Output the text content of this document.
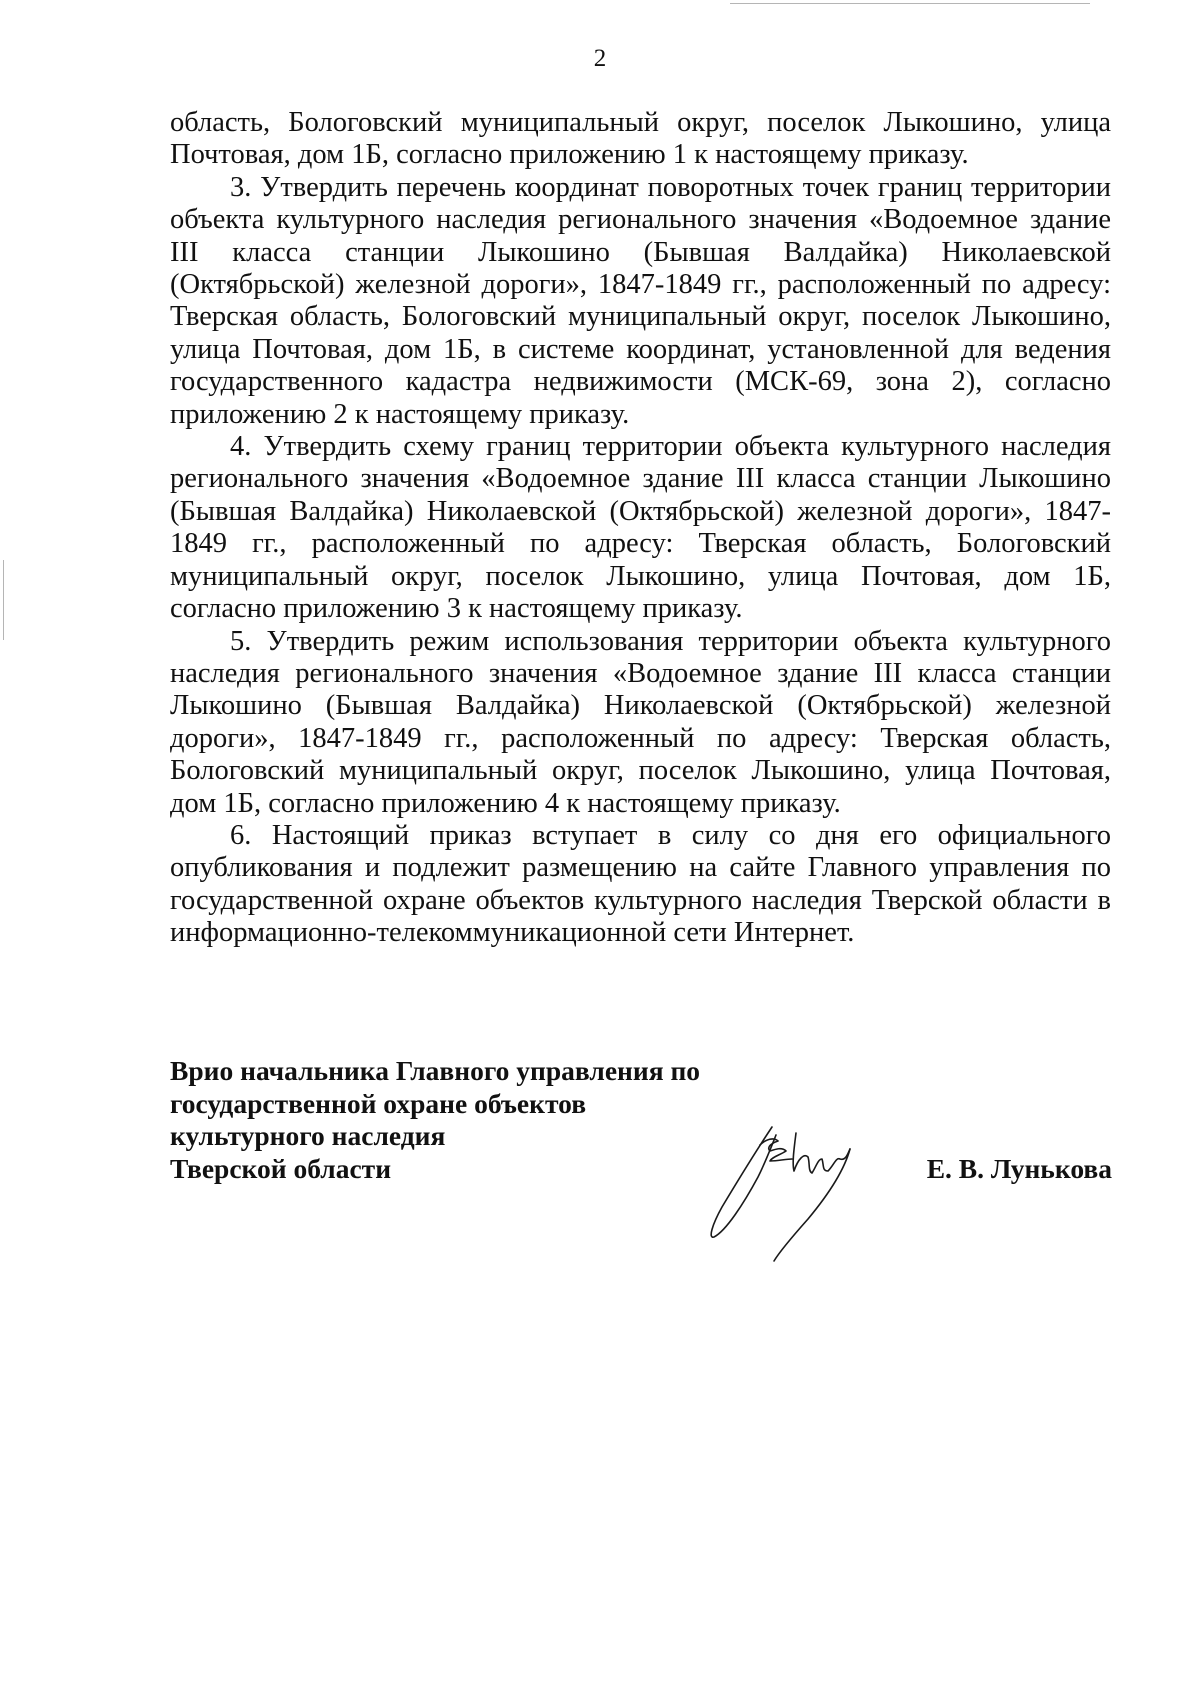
2

область, Бологовский муниципальный округ, поселок Лыкошино, улица Почтовая, дом 1Б, согласно приложению 1 к настоящему приказу.

3. Утвердить перечень координат поворотных точек границ территории объекта культурного наследия регионального значения «Водоемное здание III класса станции Лыкошино (Бывшая Валдайка) Николаевской (Октябрьской) железной дороги», 1847-1849 гг., расположенный по адресу: Тверская область, Бологовский муниципальный округ, поселок Лыкошино, улица Почтовая, дом 1Б, в системе координат, установленной для ведения государственного кадастра недвижимости (МСК-69, зона 2), согласно приложению 2 к настоящему приказу.

4. Утвердить схему границ территории объекта культурного наследия регионального значения «Водоемное здание III класса станции Лыкошино (Бывшая Валдайка) Николаевской (Октябрьской) железной дороги», 1847-1849 гг., расположенный по адресу: Тверская область, Бологовский муниципальный округ, поселок Лыкошино, улица Почтовая, дом 1Б, согласно приложению 3 к настоящему приказу.

5. Утвердить режим использования территории объекта культурного наследия регионального значения «Водоемное здание III класса станции Лыкошино (Бывшая Валдайка) Николаевской (Октябрьской) железной дороги», 1847-1849 гг., расположенный по адресу: Тверская область, Бологовский муниципальный округ, поселок Лыкошино, улица Почтовая, дом 1Б, согласно приложению 4 к настоящему приказу.

6. Настоящий приказ вступает в силу со дня его официального опубликования и подлежит размещению на сайте Главного управления по государственной охране объектов культурного наследия Тверской области в информационно-телекоммуникационной сети Интернет.

Врио начальника Главного управления по
государственной охране объектов
культурного наследия
Тверской области	Е. В. Лунькова
